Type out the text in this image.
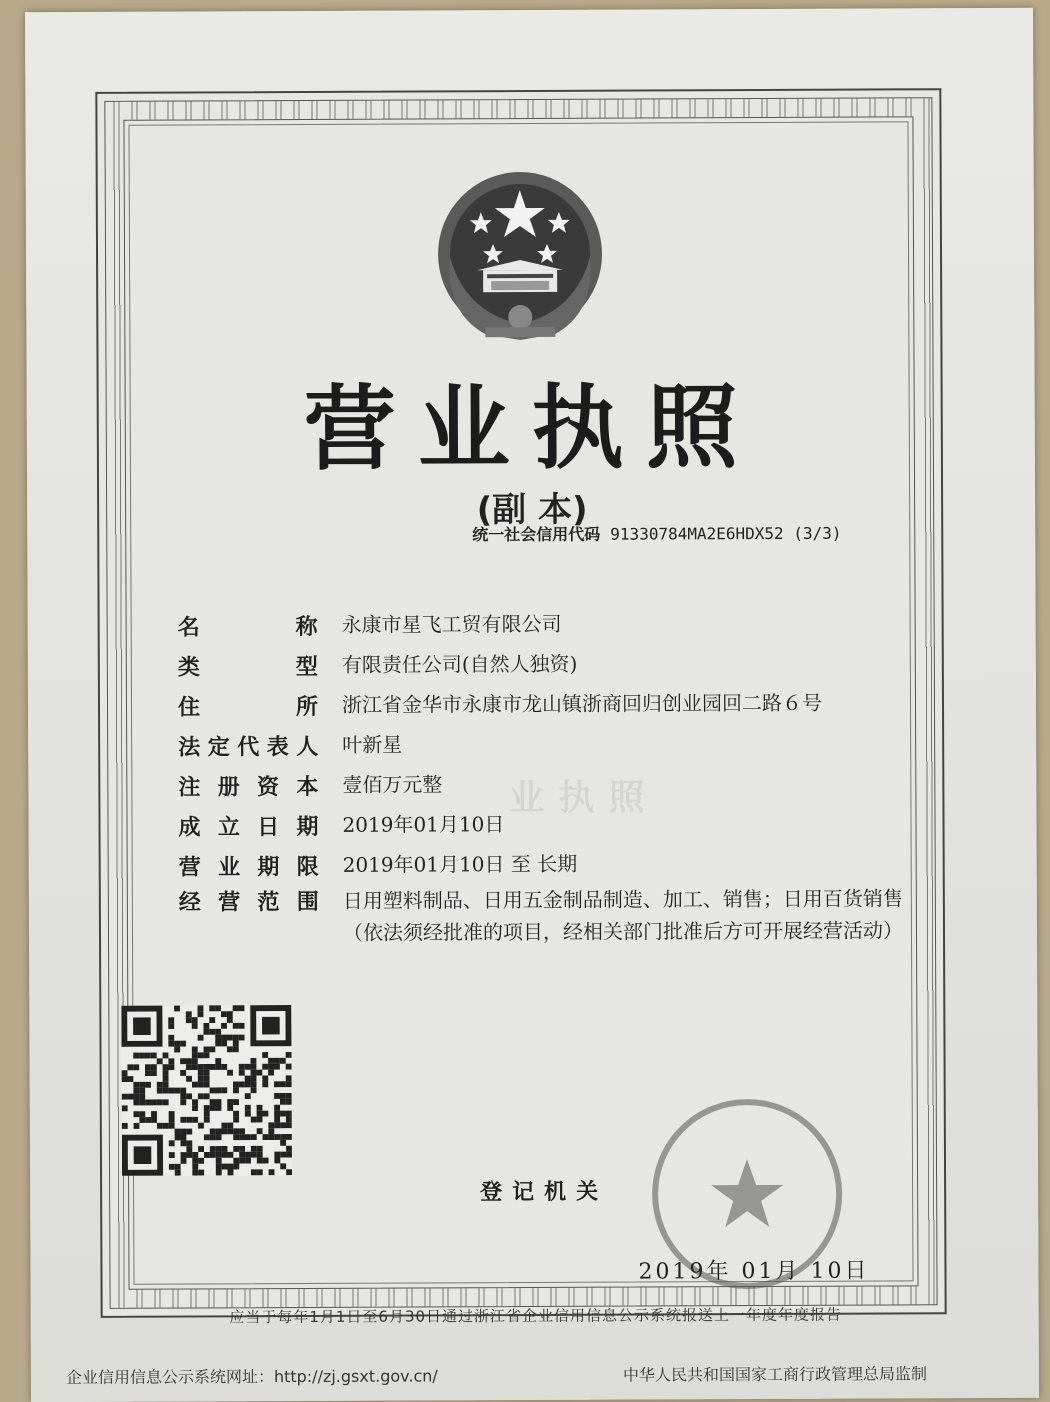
营业执照
(副 本)
统一社会信用代码 91330784MA2E6HDX52 (3/3)
业执照
名称 永康市星飞工贸有限公司
类型 有限责任公司(自然人独资)
住所 浙江省金华市永康市龙山镇浙商回归创业园回二路６号
法定代表人 叶新星
注册资本 壹佰万元整
成立日期 2019年01月10日
营业期限 2019年01月10日 至 长期
经营范围 日用塑料制品、日用五金制品制造、加工、销售；日用百货销售
（依法须经批准的项目，经相关部门批准后方可开展经营活动）
登记机关
2019年 01月 10日
应当于每年1月1日至6月30日通过浙江省企业信用信息公示系统报送上一年度年度报告
企业信用信息公示系统网址：http://zj.gsxt.gov.cn/	中华人民共和国国家工商行政管理总局监制
